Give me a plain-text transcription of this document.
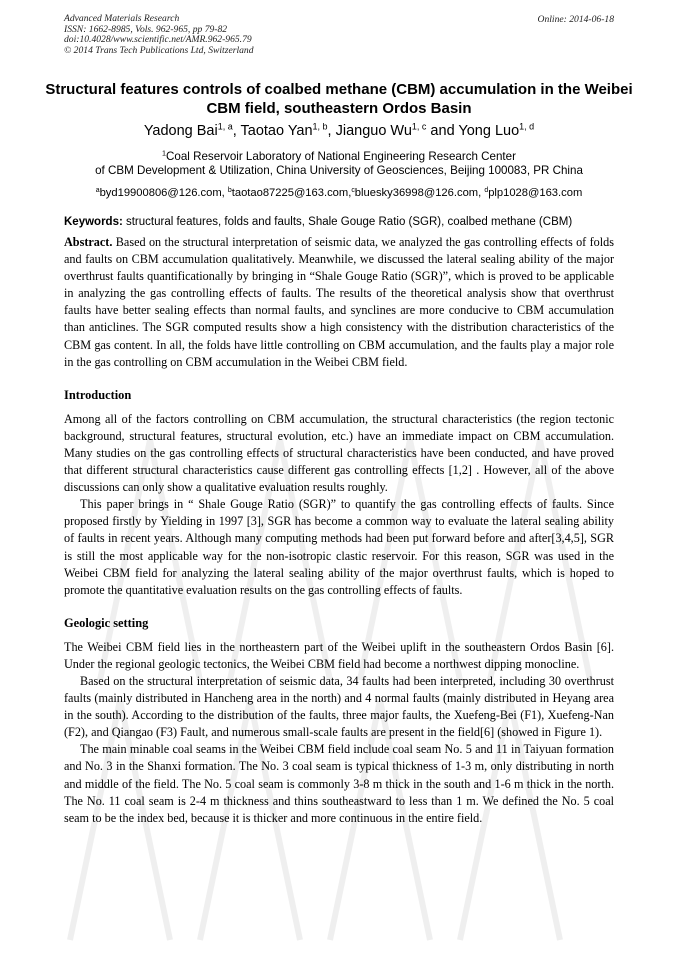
Advanced Materials Research
ISSN: 1662-8985, Vols. 962-965, pp 79-82
doi:10.4028/www.scientific.net/AMR.962-965.79
© 2014 Trans Tech Publications Ltd, Switzerland
Online: 2014-06-18
Structural features controls of coalbed methane (CBM) accumulation in the Weibei CBM field, southeastern Ordos Basin
Yadong Bai$^{1, a}$, Taotao Yan$^{1, b}$, Jianguo Wu$^{1, c}$ and Yong Luo$^{1, d}$
$^1$Coal Reservoir Laboratory of National Engineering Research Center
of CBM Development & Utilization, China University of Geosciences, Beijing 100083, PR China
$^a$byd19900806@126.com, $^b$taotao87225@163.com,$^c$bluesky36998@126.com, $^d$plp1028@163.com
Keywords: structural features, folds and faults, Shale Gouge Ratio (SGR), coalbed methane (CBM)

Abstract. Based on the structural interpretation of seismic data, we analyzed the gas controlling effects of folds and faults on CBM accumulation qualitatively. Meanwhile, we discussed the lateral sealing ability of the major overthrust faults quantificationally by bringing in “Shale Gouge Ratio (SGR)”, which is proved to be applicable in analyzing the gas controlling effects of faults. The results of the theoretical analysis show that overthrust faults have better sealing effects than normal faults, and synclines are more conducive to CBM accumulation than anticlines. The SGR computed results show a high consistency with the distribution characteristics of the CBM gas content. In all, the folds have little controlling on CBM accumulation, and the faults play a major role in the gas controlling on CBM accumulation in the Weibei CBM field.

Introduction

Among all of the factors controlling on CBM accumulation, the structural characteristics (the region tectonic background, structural features, structural evolution, etc.) have an immediate impact on CBM accumulation. Many studies on the gas controlling effects of structural characteristics have been conducted, and have proved that different structural characteristics cause different gas controlling effects [1,2] . However, all of the above discussions can only show a qualitative evaluation results roughly.

This paper brings in “ Shale Gouge Ratio (SGR)” to quantify the gas controlling effects of faults. Since proposed firstly by Yielding in 1997 [3], SGR has become a common way to evaluate the lateral sealing ability of faults in recent years. Although many computing methods had been put forward before and after[3,4,5], SGR is still the most applicable way for the non-isotropic clastic reservoir. For this reason, SGR was used in the Weibei CBM field for analyzing the lateral sealing ability of the major overthrust faults, which is hoped to promote the quantitative evaluation results on the gas controlling effects of faults.

Geologic setting

The Weibei CBM field lies in the northeastern part of the Weibei uplift in the southeastern Ordos Basin [6]. Under the regional geologic tectonics, the Weibei CBM field had become a northwest dipping monocline.

Based on the structural interpretation of seismic data, 34 faults had been interpreted, including 30 overthrust faults (mainly distributed in Hancheng area in the north) and 4 normal faults (mainly distributed in Heyang area in the south). According to the distribution of the faults, three major faults, the Xuefeng-Bei (F1), Xuefeng-Nan (F2), and Qiangao (F3) Fault, and numerous small-scale faults are present in the field[6] (showed in Figure 1).

The main minable coal seams in the Weibei CBM field include coal seam No. 5 and 11 in Taiyuan formation and No. 3 in the Shanxi formation. The No. 3 coal seam is typical thickness of 1-3 m, only distributing in north and middle of the field. The No. 5 coal seam is commonly 3-8 m thick in the south and 1-6 m thick in the north. The No. 11 coal seam is 2-4 m thickness and thins southeastward to less than 1 m. We defined the No. 5 coal seam to be the index bed, because it is thicker and more continuous in the entire field.
